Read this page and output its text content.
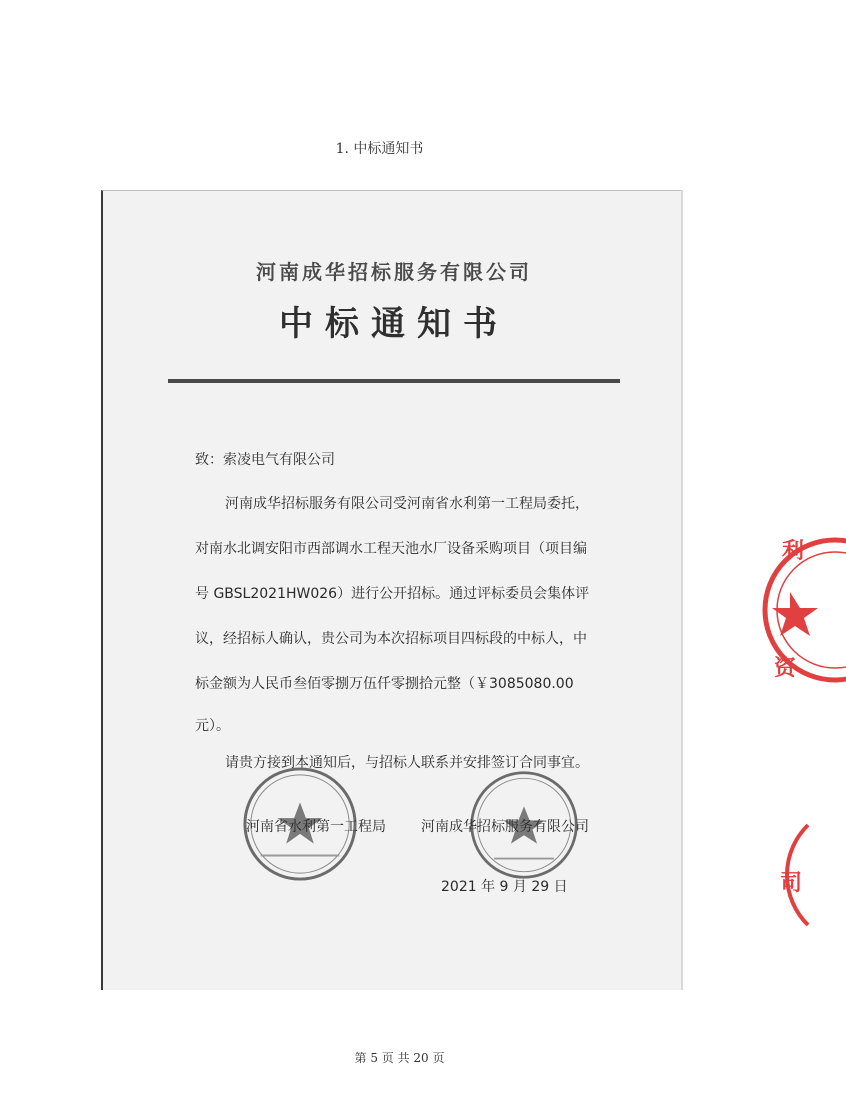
1. 中标通知书
河南成华招标服务有限公司
中标通知书
致：索凌电气有限公司
河南成华招标服务有限公司受河南省水利第一工程局委托，
对南水北调安阳市西部调水工程天池水厂设备采购项目（项目编
号 GBSL2021HW026）进行公开招标。通过评标委员会集体评
议，经招标人确认，贵公司为本次招标项目四标段的中标人，中
标金额为人民币叁佰零捌万伍仟零捌拾元整（￥3085080.00
元）。
请贵方接到本通知后，与招标人联系并安排签订合同事宜。
河南省水利第一工程局	河南成华招标服务有限公司
2021 年 9 月 29 日
利
资
司
第 5 页 共 20 页
